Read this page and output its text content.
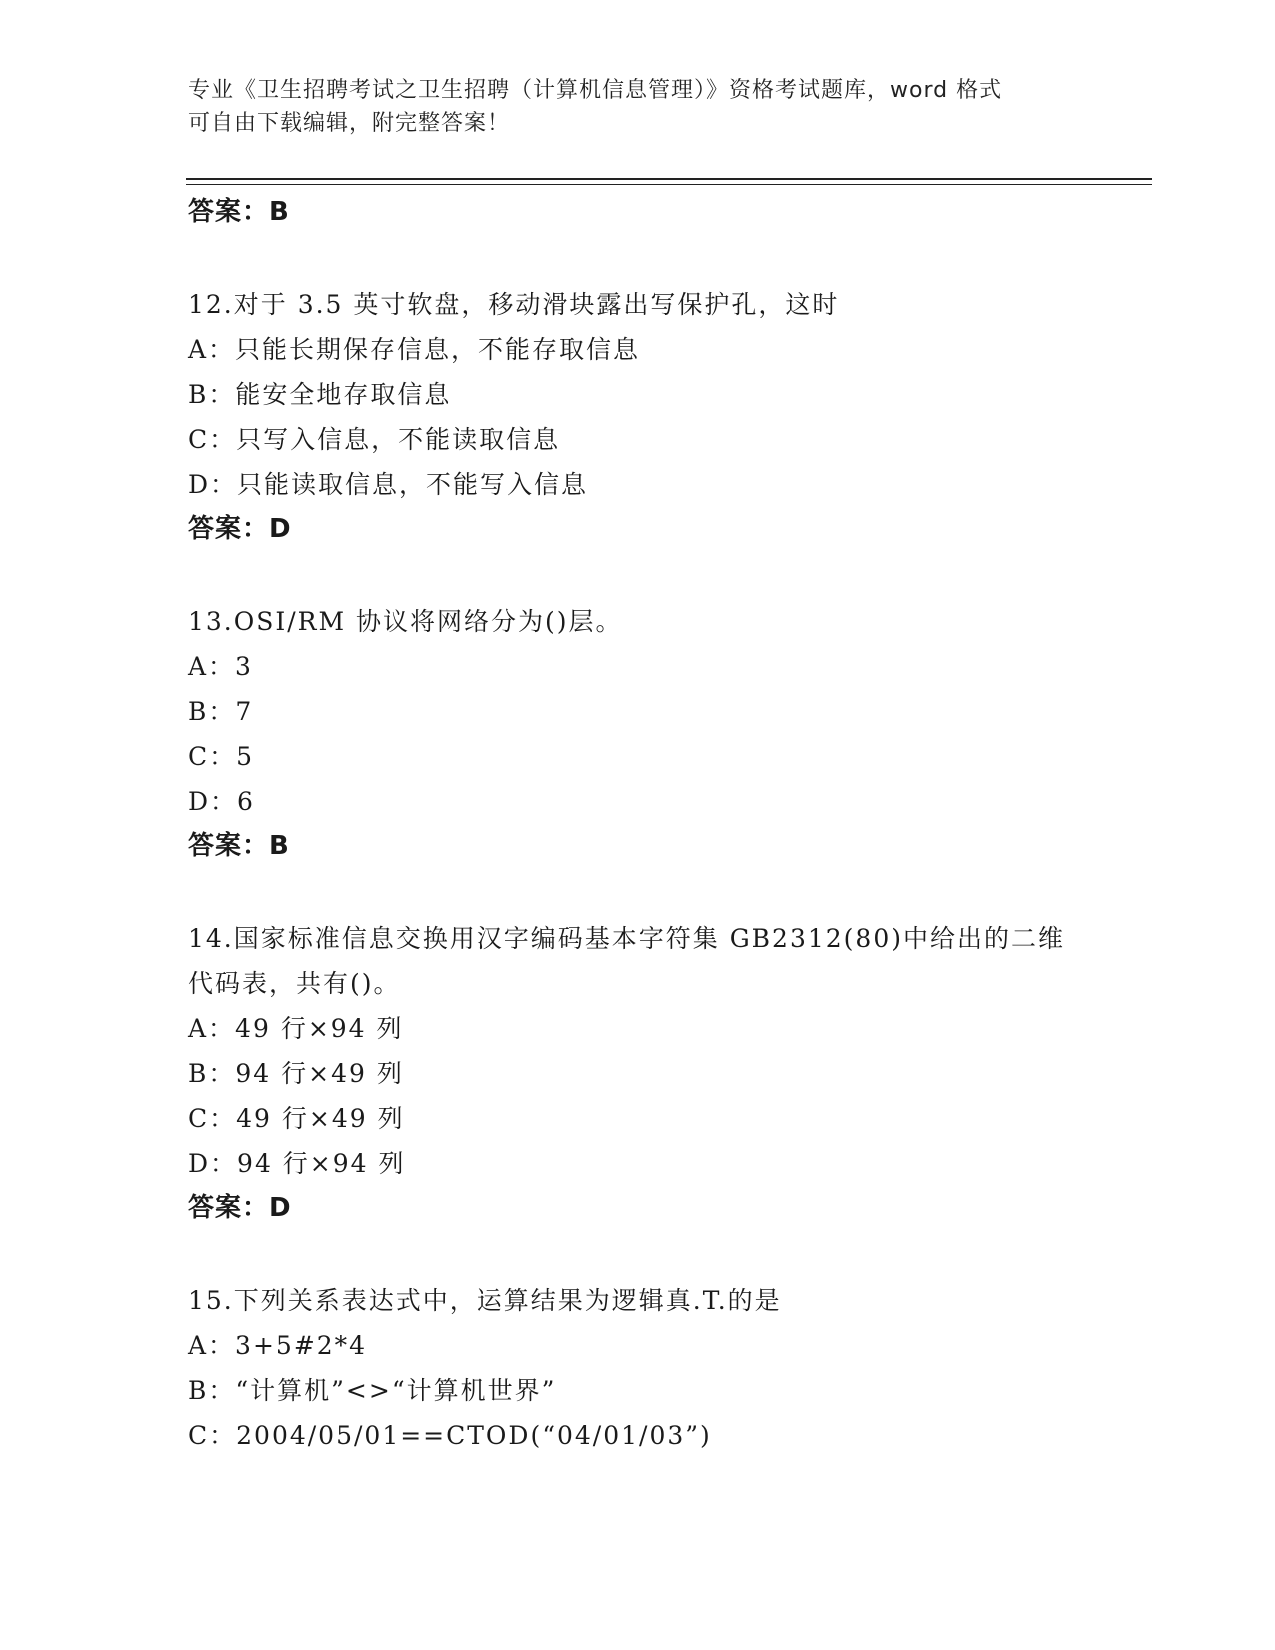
专业《卫生招聘考试之卫生招聘（计算机信息管理）》资格考试题库，word 格式
可自由下载编辑，附完整答案！
答案：B
12.对于 3.5 英寸软盘，移动滑块露出写保护孔，这时
A：只能长期保存信息，不能存取信息
B：能安全地存取信息
C：只写入信息，不能读取信息
D：只能读取信息，不能写入信息
答案：D
13.OSI/RM 协议将网络分为()层。
A：3
B：7
C：5
D：6
答案：B
14.国家标准信息交换用汉字编码基本字符集 GB2312(80)中给出的二维
代码表，共有()。
A：49 行×94 列
B：94 行×49 列
C：49 行×49 列
D：94 行×94 列
答案：D
15.下列关系表达式中，运算结果为逻辑真.T.的是
A：3+5#2*4
B：“计算机”<>“计算机世界”
C：2004/05/01==CTOD(“04/01/03”)
